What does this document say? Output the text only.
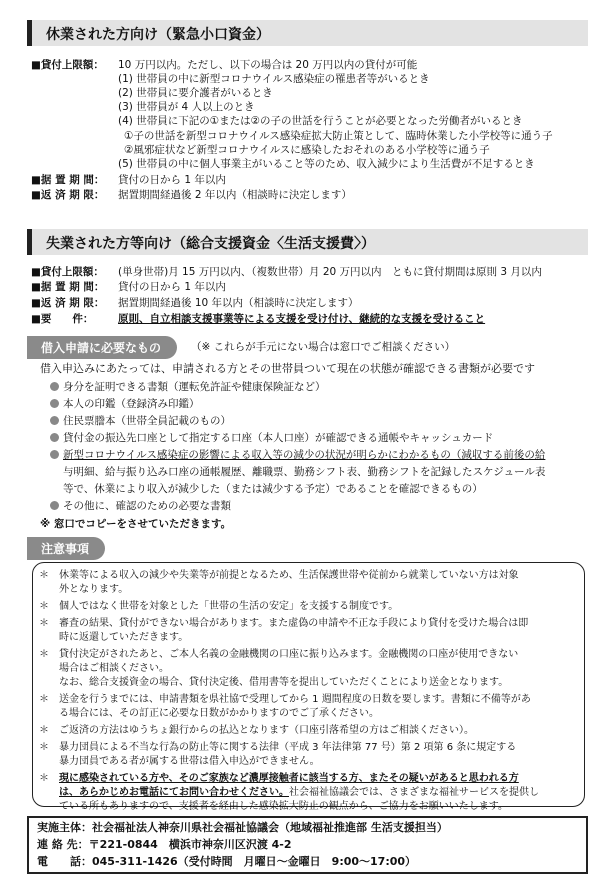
休業された方向け（緊急小口資金）
■貸付上限額： 10 万円以内。ただし、以下の場合は 20 万円以内の貸付が可能
(1) 世帯員の中に新型コロナウイルス感染症の罹患者等がいるとき
(2) 世帯員に要介護者がいるとき
(3) 世帯員が 4 人以上のとき
(4) 世帯員に下記の①または②の子の世話を行うことが必要となった労働者がいるとき
①子の世話を新型コロナウイルス感染症拡大防止策として、臨時休業した小学校等に通う子
②風邪症状など新型コロナウイルスに感染したおそれのある小学校等に通う子
(5) 世帯員の中に個人事業主がいること等のため、収入減少により生活費が不足するとき
■据 置 期 間： 貸付の日から 1 年以内
■返 済 期 限： 据置期間経過後 2 年以内（相談時に決定します）
失業された方等向け（総合支援資金〈生活支援費〉）
■貸付上限額： (単身世帯)月 15 万円以内、（複数世帯）月 20 万円以内　ともに貸付期間は原則 3 月以内
■据 置 期 間： 貸付の日から 1 年以内
■返 済 期 限： 据置期間経過後 10 年以内（相談時に決定します）
■要　　件： 原則、自立相談支援事業等による支援を受け付け、継続的な支援を受けること
借入申請に必要なもの	（※ これらが手元にない場合は窓口でご相談ください）
借入申込みにあたっては、申請される方とその世帯員ついて現在の状態が確認できる書類が必要です
身分を証明できる書類（運転免許証や健康保険証など）
本人の印鑑（登録済み印鑑）
住民票謄本（世帯全員記載のもの）
貸付金の振込先口座として指定する口座（本人口座）が確認できる通帳やキャッシュカード
新型コロナウイルス感染症の影響による収入等の減少の状況が明らかにわかるもの（減収する前後の給
与明細、給与振り込み口座の通帳履歴、離職票、勤務シフト表、勤務シフトを記録したスケジュール表
等で、休業により収入が減少した（または減少する予定）であることを確認できるもの）
その他に、確認のための必要な書類
※ 窓口でコピーをさせていただきます。
注意事項
＊ 休業等による収入の減少や失業等が前提となるため、生活保護世帯や従前から就業していない方は対象
外となります。
＊ 個人ではなく世帯を対象とした「世帯の生活の安定」を支援する制度です。
＊ 審査の結果、貸付ができない場合があります。また虚偽の申請や不正な手段により貸付を受けた場合は即
時に返還していただきます。
＊ 貸付決定がされたあと、ご本人名義の金融機関の口座に振り込みます。金融機関の口座が使用できない
場合はご相談ください。
なお、総合支援資金の場合、貸付決定後、借用書等を提出していただくことにより送金となります。
＊ 送金を行うまでには、申請書類を県社協で受理してから 1 週間程度の日数を要します。書類に不備等があ
る場合には、その訂正に必要な日数がかかりますのでご了承ください。
＊ ご返済の方法はゆうちょ銀行からの払込となります（口座引落希望の方はご相談ください）。
＊ 暴力団員による不当な行為の防止等に関する法律（平成 3 年法律第 77 号）第 2 項第 6 条に規定する
暴力団員である者が属する世帯は借入申込ができません。
＊ 現に感染されている方や、そのご家族など濃厚接触者に該当する方、またその疑いがあると思われる方
は、あらかじめお電話にてお問い合わせください。社会福祉協議会では、さまざまな福祉サービスを提供し
ている所もありますので、支援者を経由した感染拡大防止の観点から、ご協力をお願いいたします。
実施主体：社会福祉法人神奈川県社会福祉協議会（地域福祉推進部 生活支援担当）
連 絡 先：〒221-0844　横浜市神奈川区沢渡 4-2
電　　話：045-311-1426（受付時間　月曜日～金曜日　9:00～17:00）
